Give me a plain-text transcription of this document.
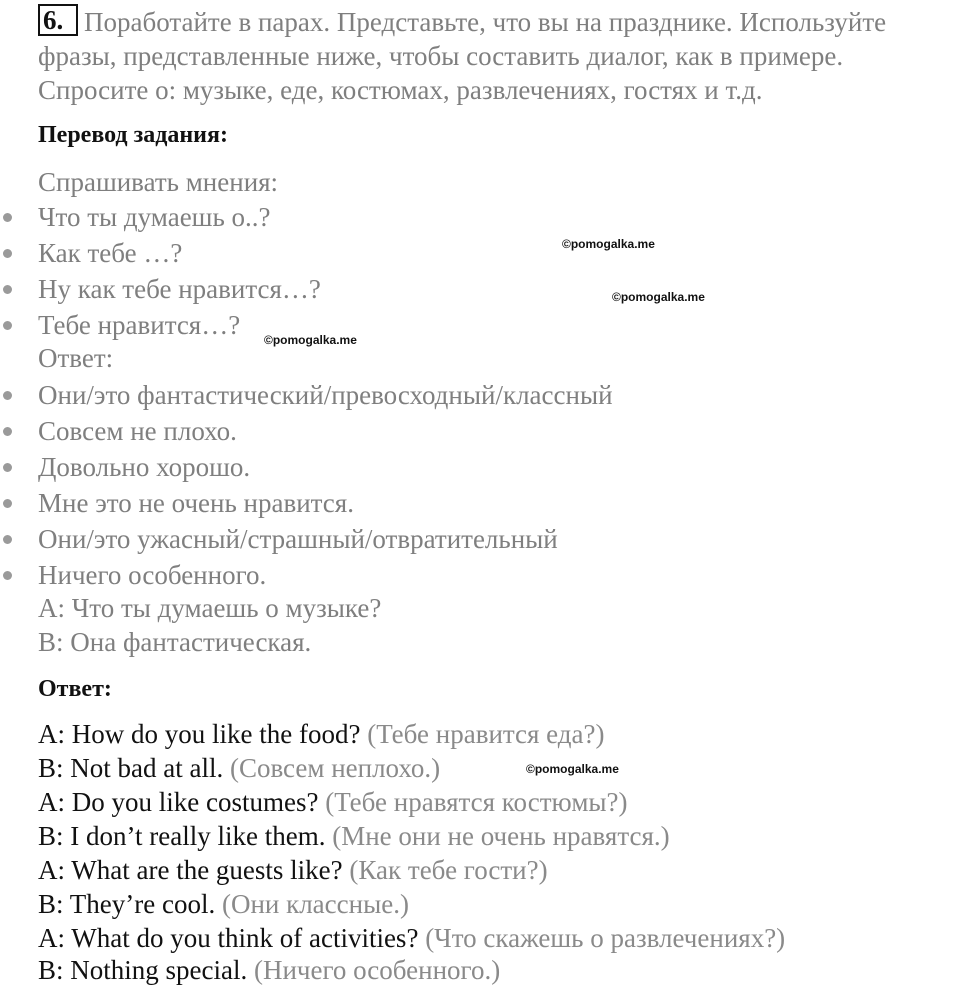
6. Поработайте в парах. Представьте, что вы на празднике. Используйте
фразы, представленные ниже, чтобы составить диалог, как в примере.
Спросите о: музыке, еде, костюмах, развлечениях, гостях и т.д.
Перевод задания:
Спрашивать мнения:
Что ты думаешь о..?
Как тебе …?
Ну как тебе нравится…?
Тебе нравится…?
Ответ:
Они/это фантастический/превосходный/классный
Совсем не плохо.
Довольно хорошо.
Мне это не очень нравится.
Они/это ужасный/страшный/отвратительный
Ничего особенного.
A: Что ты думаешь о музыке?
B: Она фантастическая.
Ответ:
A: How do you like the food? (Тебе нравится еда?)
B: Not bad at all. (Совсем неплохо.)
A: Do you like costumes? (Тебе нравятся костюмы?)
B: I don’t really like them. (Мне они не очень нравятся.)
A: What are the guests like? (Как тебе гости?)
B: They’re cool. (Они классные.)
A: What do you think of activities? (Что скажешь о развлечениях?)
B: Nothing special. (Ничего особенного.)
©pomogalka.me
©pomogalka.me
©pomogalka.me
©pomogalka.me
